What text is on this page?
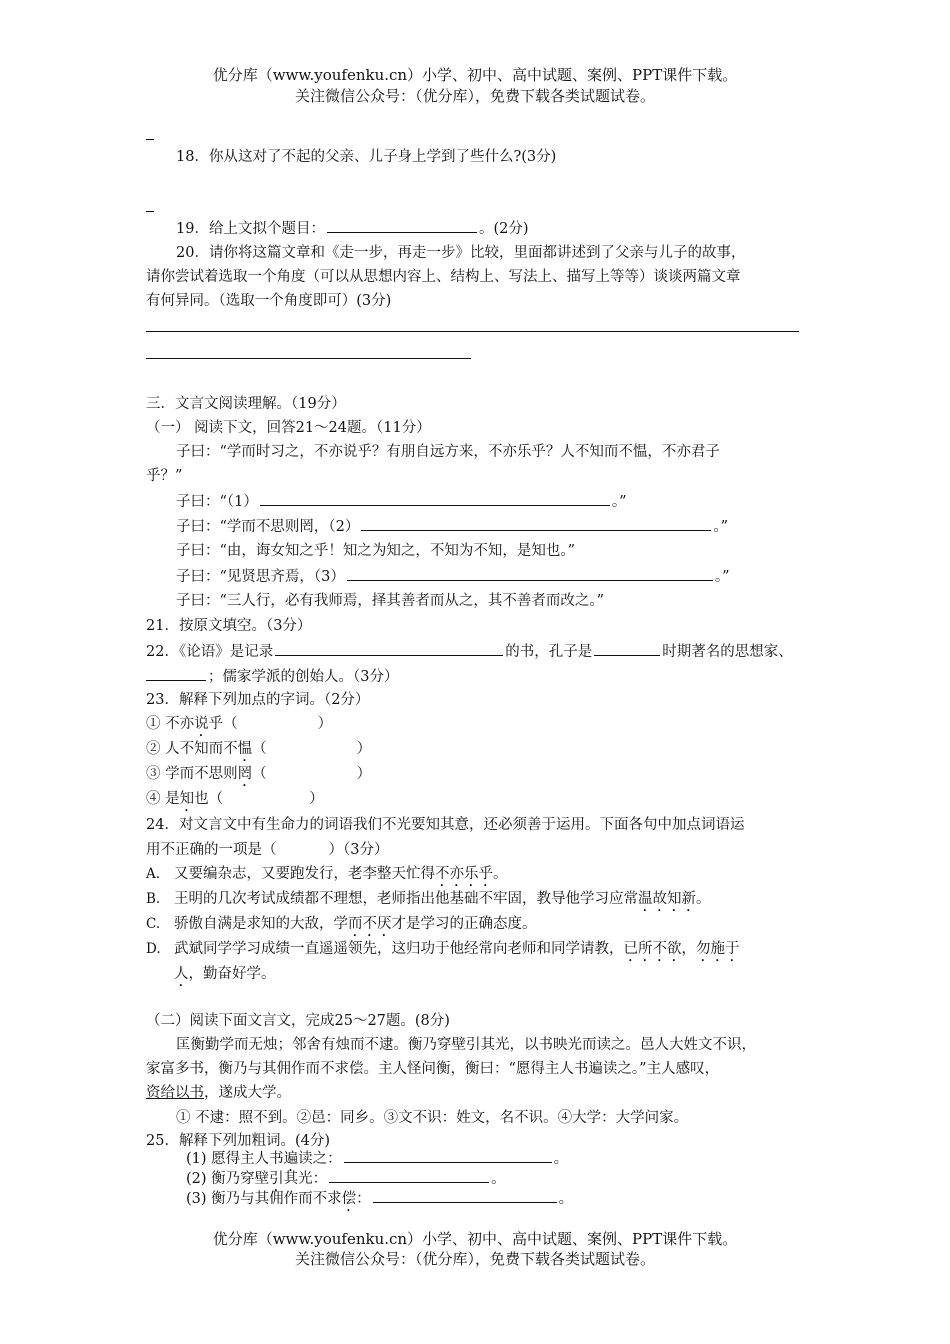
优分库（www.youfenku.cn）小学、初中、高中试题、案例、PPT课件下载。
关注微信公众号：（优分库），免费下载各类试题试卷。
18．你从这对了不起的父亲、儿子身上学到了些什么?(3分)
19．给上文拟个题目：	。(2分)
20．请你将这篇文章和《走一步，再走一步》比较，里面都讲述到了父亲与儿子的故事，
请你尝试着选取一个角度（可以从思想内容上、结构上、写法上、描写上等等）谈谈两篇文章
有何异同。（选取一个角度即可）(3分)
三．文言文阅读理解。（19分）
（一） 阅读下文，回答21～24题。（11分）
子曰：“学而时习之，不亦说乎？有朋自远方来，不亦乐乎？人不知而不愠，不亦君子
乎？”
子曰：“（1）	。”
子曰：“学而不思则罔，（2）	。”
子曰：“由，诲女知之乎！知之为知之，不知为不知，是知也。”
子曰：“见贤思齐焉，（3）	。”
子曰：“三人行，必有我师焉，择其善者而从之，其不善者而改之。”
21．按原文填空。（3分）
22．《论语》是记录	的书，孔子是	时期著名的思想家、
；儒家学派的创始人。（3分）
23．解释下列加点的字词。（2分）
① 不亦说乎（	）
② 人不知而不愠（	）
③ 学而不思则罔（	）
④ 是知也（	）
24．对文言文中有生命力的词语我们不光要知其意，还必须善于运用。下面各句中加点词语运
用不正确的一项是（	）（3分）
A. 又要编杂志，又要跑发行，老李整天忙得不亦乐乎。
B. 王明的几次考试成绩都不理想，老师指出他基础不牢固，教导他学习应常温故知新。
C. 骄傲自满是求知的大敌，学而不厌才是学习的正确态度。
D. 武斌同学学习成绩一直遥遥领先，这归功于他经常向老师和同学请教，已所不欲，勿施于
人，勤奋好学。
（二）阅读下面文言文，完成25～27题。(8分)
匡衡勤学而无烛；邻舍有烛而不逮。衡乃穿壁引其光，以书映光而读之。邑人大姓文不识，
家富多书，衡乃与其佣作而不求偿。主人怪问衡，衡曰：“愿得主人书遍读之。”主人感叹，
资给以书，遂成大学。
① 不逮：照不到。②邑：同乡。③文不识：姓文，名不识。④大学：大学问家。
25．解释下列加粗词。(4分)
(1) 愿得主人书遍读之：	。
(2) 衡乃穿壁引其光：	。
(3) 衡乃与其佣作而不求偿：	。
优分库（www.youfenku.cn）小学、初中、高中试题、案例、PPT课件下载。
关注微信公众号：（优分库），免费下载各类试题试卷。
